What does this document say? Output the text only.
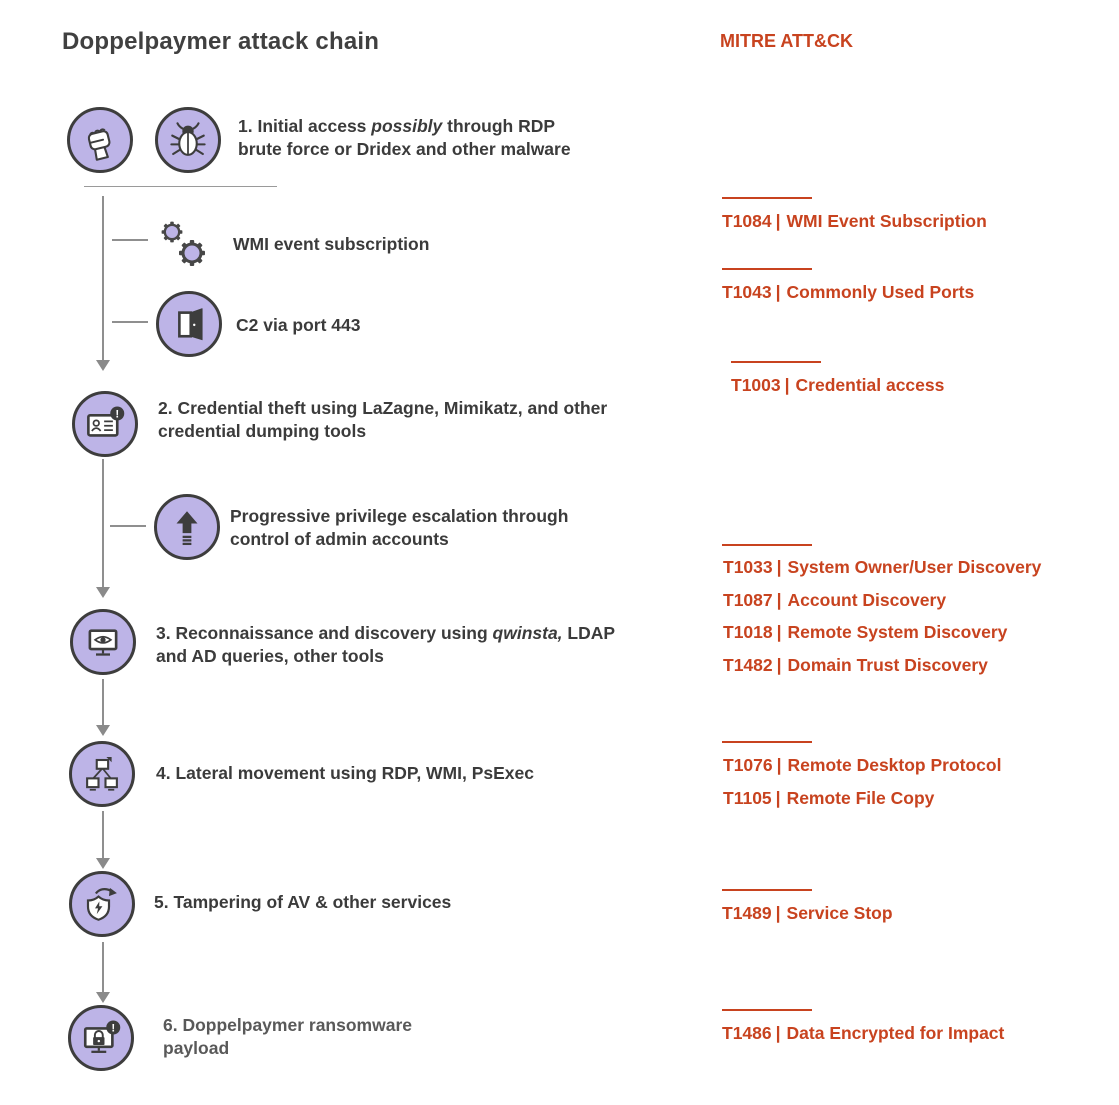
Doppelpaymer attack chain	MITRE ATT&CK
1. Initial access possibly through RDP
brute force or Dridex and other malware
WMI event subscription
C2 via port 443
! 2. Credential theft using LaZagne, Mimikatz, and other
credential dumping tools
Progressive privilege escalation through
control of admin accounts
3. Reconnaissance and discovery using qwinsta, LDAP
and AD queries, other tools
4. Lateral movement using RDP, WMI, PsExec
5. Tampering of AV & other services
!	6. Doppelpaymer ransomware
payload
T1084 | WMI Event Subscription
T1043 | Commonly Used Ports
T1003 | Credential access
T1033 | System Owner/User Discovery
T1087 | Account Discovery
T1018 | Remote System Discovery
T1482 | Domain Trust Discovery
T1076 | Remote Desktop Protocol
T1105 | Remote File Copy
T1489 | Service Stop
T1486 | Data Encrypted for Impact
